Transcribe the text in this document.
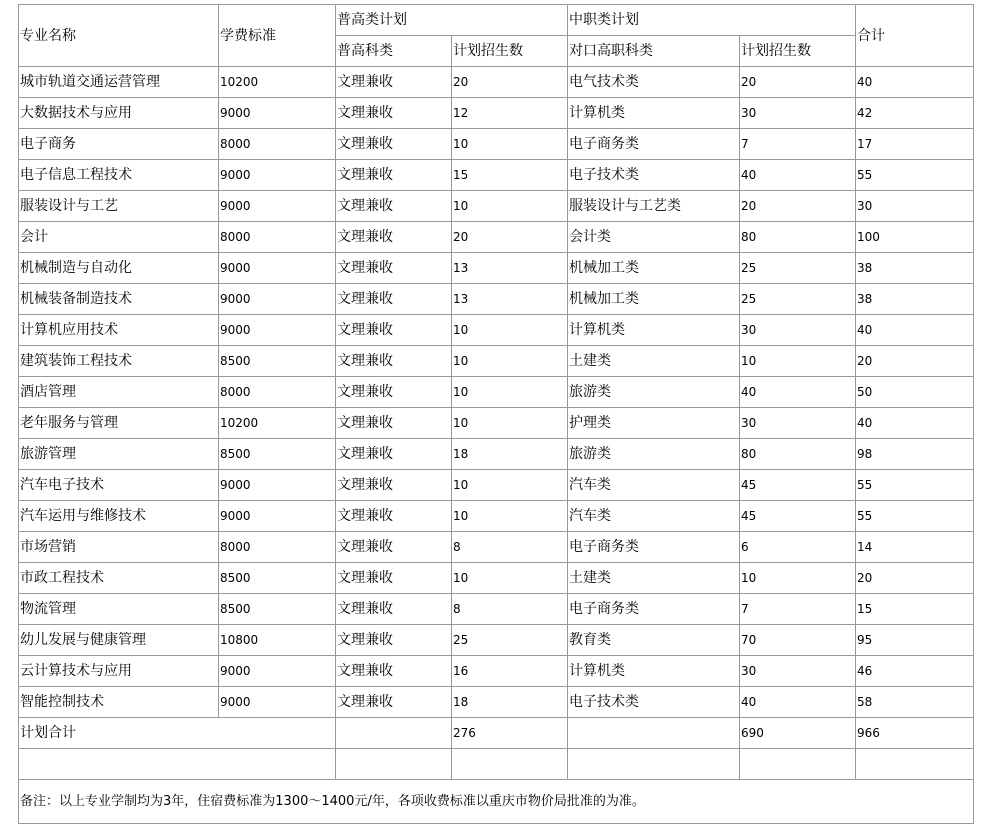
专业名称	学费标准	普高类计划		中职类计划		合计
		普高科类	计划招生数	对口高职科类	计划招生数	
城市轨道交通运营管理	10200	文理兼收	20	电气技术类	20	40
大数据技术与应用	9000	文理兼收	12	计算机类	30	42
电子商务	8000	文理兼收	10	电子商务类	7	17
电子信息工程技术	9000	文理兼收	15	电子技术类	40	55
服装设计与工艺	9000	文理兼收	10	服装设计与工艺类	20	30
会计	8000	文理兼收	20	会计类	80	100
机械制造与自动化	9000	文理兼收	13	机械加工类	25	38
机械装备制造技术	9000	文理兼收	13	机械加工类	25	38
计算机应用技术	9000	文理兼收	10	计算机类	30	40
建筑装饰工程技术	8500	文理兼收	10	土建类	10	20
酒店管理	8000	文理兼收	10	旅游类	40	50
老年服务与管理	10200	文理兼收	10	护理类	30	40
旅游管理	8500	文理兼收	18	旅游类	80	98
汽车电子技术	9000	文理兼收	10	汽车类	45	55
汽车运用与维修技术	9000	文理兼收	10	汽车类	45	55
市场营销	8000	文理兼收	8	电子商务类	6	14
市政工程技术	8500	文理兼收	10	土建类	10	20
物流管理	8500	文理兼收	8	电子商务类	7	15
幼儿发展与健康管理	10800	文理兼收	25	教育类	70	95
云计算技术与应用	9000	文理兼收	16	计算机类	30	46
智能控制技术	9000	文理兼收	18	电子技术类	40	58
计划合计			276		690	966

备注：以上专业学制均为3年，住宿费标准为1300～1400元/年，各项收费标准以重庆市物价局批准的为准。						
